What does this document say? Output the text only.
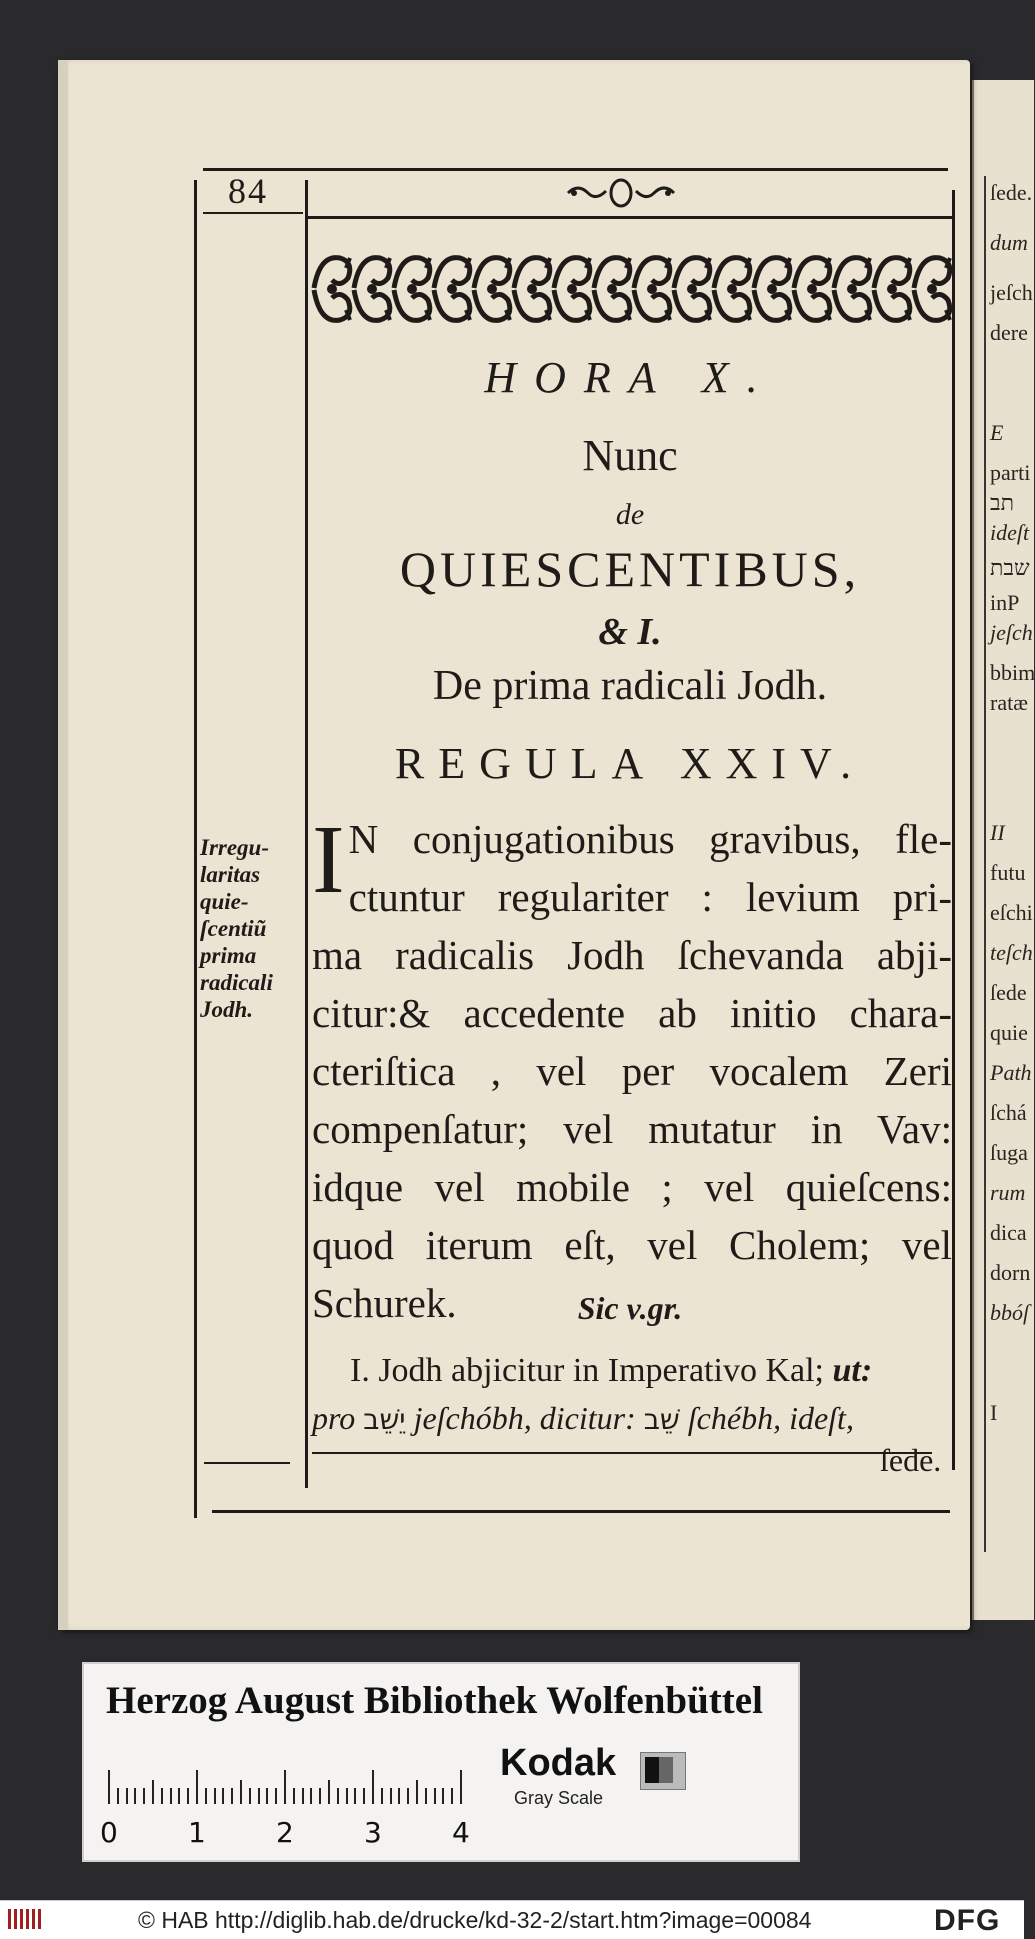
ſede.
dum
jeſch
dere
E
parti
תב
ideſt
שבת
inP
jeſch
bbim
ratæ
II
futu
eſchi
teſch
ſede
quie
Path
ſchá
ſuga
rum
dica
dorn
bbóſ
I
84
HORA X.
Nunc
de
QUIESCENTIBUS,
& I.
De prima radicali Jodh.
REGULA XXIV.
I N conjugationibus gravibus, fle-
ctuntur regulariter : levium pri-
ma radicalis Jodh ſchevanda abji-
citur:& accedente ab initio chara-
cteriſtica , vel per vocalem Zeri
compenſatur; vel mutatur in Vav:
idque vel mobile ; vel quieſcens:
quod iterum eſt, vel Cholem; vel
Schurek.
Irregu-
laritas
quie-
ſcentiũ
prima
radicali
Jodh.
Sic v.gr.
I. Jodh abjicitur in Imperativo Kal; ut:
pro יֵשֵׁב jeſchóbh, dicitur: שֵׁב ſchébh, ideſt,
ſede.
Herzog August Bibliothek Wolfenbüttel
0	1	2	3	4
Kodak
Gray Scale
© HAB http://diglib.hab.de/drucke/kd-32-2/start.htm?image=00084	DFG
